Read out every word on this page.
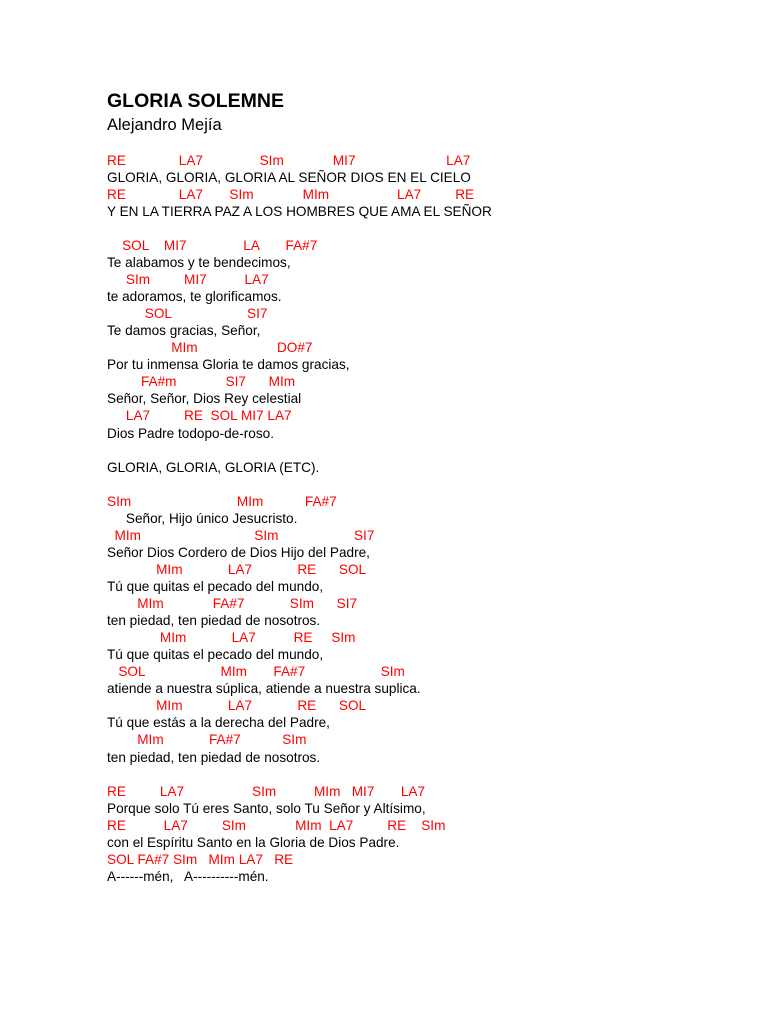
GLORIA SOLEMNE
Alejandro Mejía
RE              LA7               SIm             MI7                        LA7
GLORIA, GLORIA, GLORIA AL SEÑOR DIOS EN EL CIELO
RE              LA7       SIm             MIm                  LA7         RE
Y EN LA TIERRA PAZ A LOS HOMBRES QUE AMA EL SEÑOR
SOL    MI7               LA       FA#7
Te alabamos y te bendecimos,
SIm         MI7          LA7
te adoramos, te glorificamos.
SOL                    SI7
Te damos gracias, Señor,
MIm                     DO#7
Por tu inmensa Gloria te damos gracias,
FA#m             SI7      MIm
Señor, Señor, Dios Rey celestial
LA7         RE  SOL MI7 LA7
Dios Padre todopo-de-roso.
GLORIA, GLORIA, GLORIA (ETC).
SIm                            MIm           FA#7
Señor, Hijo único Jesucristo.
MIm                              SIm                    SI7
Señor Dios Cordero de Dios Hijo del Padre,
MIm            LA7            RE      SOL
Tú que quitas el pecado del mundo,
MIm             FA#7            SIm      SI7
ten piedad, ten piedad de nosotros.
MIm            LA7          RE     SIm
Tú que quitas el pecado del mundo,
SOL                    MIm       FA#7                    SIm
atiende a nuestra súplica, atiende a nuestra suplica.
MIm            LA7            RE      SOL
Tú que estás a la derecha del Padre,
MIm            FA#7           SIm
ten piedad, ten piedad de nosotros.
RE         LA7                  SIm          MIm   MI7       LA7
Porque solo Tú eres Santo, solo Tu Señor y Altísimo,
RE          LA7         SIm             MIm  LA7         RE    SIm
con el Espíritu Santo en la Gloria de Dios Padre.
SOL FA#7 SIm   MIm LA7   RE
A------mén,   A----------mén.
